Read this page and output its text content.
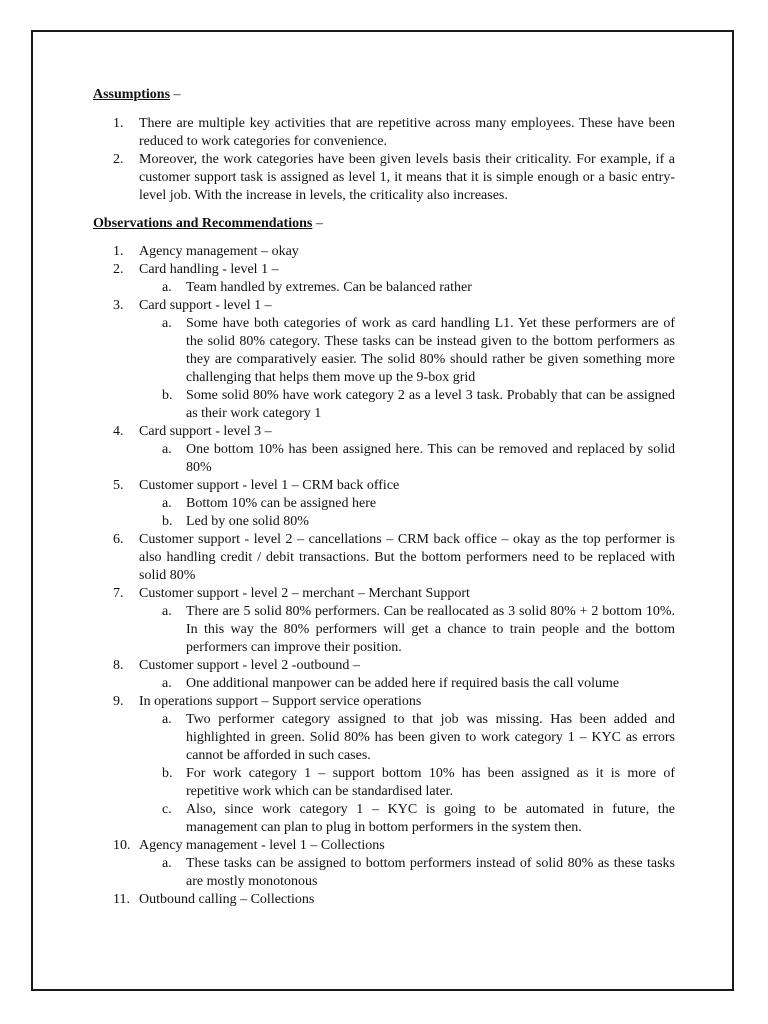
Assumptions –

1. There are multiple key activities that are repetitive across many employees. These have been reduced to work categories for convenience.
2. Moreover, the work categories have been given levels basis their criticality. For example, if a customer support task is assigned as level 1, it means that it is simple enough or a basic entry-level job. With the increase in levels, the criticality also increases.

Observations and Recommendations –

1. Agency management – okay
2. Card handling - level 1 –
a. Team handled by extremes. Can be balanced rather
3. Card support - level 1 –
a. Some have both categories of work as card handling L1. Yet these performers are of the solid 80% category. These tasks can be instead given to the bottom performers as they are comparatively easier. The solid 80% should rather be given something more challenging that helps them move up the 9-box grid
b. Some solid 80% have work category 2 as a level 3 task. Probably that can be assigned as their work category 1
4. Card support - level 3 –
a. One bottom 10% has been assigned here. This can be removed and replaced by solid 80%
5. Customer support - level 1 – CRM back office
a. Bottom 10% can be assigned here
b. Led by one solid 80%
6. Customer support - level 2 – cancellations – CRM back office – okay as the top performer is also handling credit / debit transactions. But the bottom performers need to be replaced with solid 80%
7. Customer support - level 2 – merchant – Merchant Support
a. There are 5 solid 80% performers. Can be reallocated as 3 solid 80% + 2 bottom 10%. In this way the 80% performers will get a chance to train people and the bottom performers can improve their position.
8. Customer support - level 2 -outbound –
a. One additional manpower can be added here if required basis the call volume
9. In operations support – Support service operations
a. Two performer category assigned to that job was missing. Has been added and highlighted in green. Solid 80% has been given to work category 1 – KYC as errors cannot be afforded in such cases.
b. For work category 1 – support bottom 10% has been assigned as it is more of repetitive work which can be standardised later.
c. Also, since work category 1 – KYC is going to be automated in future, the management can plan to plug in bottom performers in the system then.
10. Agency management - level 1 – Collections
a. These tasks can be assigned to bottom performers instead of solid 80% as these tasks are mostly monotonous
11. Outbound calling – Collections
